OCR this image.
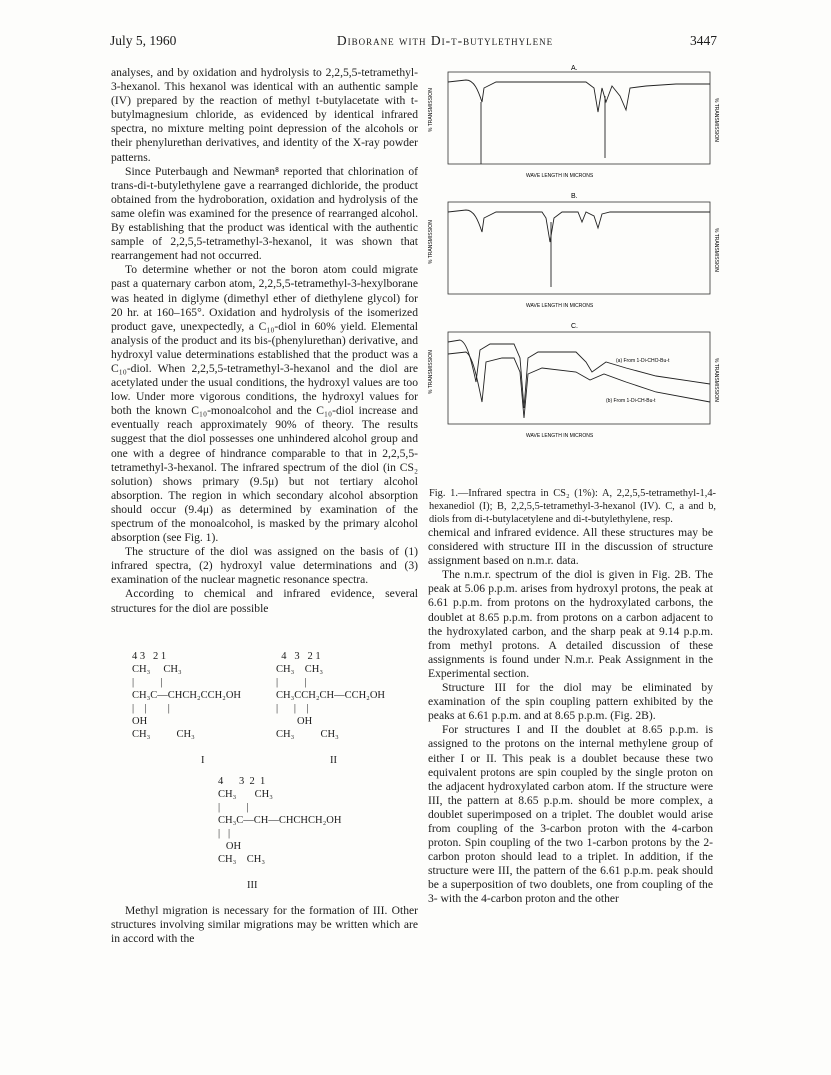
July 5, 1960	Diborane with Di-t-butylethylene	3447

analyses, and by oxidation and hydrolysis to 2,2,5,5-tetramethyl-3-hexanol. This hexanol was identical with an authentic sample (IV) prepared by the reaction of methyl t-butylacetate with t-butylmagnesium chloride, as evidenced by identical infrared spectra, no mixture melting point depression of the alcohols or their phenylurethan derivatives, and identity of the X-ray powder patterns.

Since Puterbaugh and Newman⁸ reported that chlorination of trans-di-t-butylethylene gave a rearranged dichloride, the product obtained from the hydroboration, oxidation and hydrolysis of the same olefin was examined for the presence of rearranged alcohol. By establishing that the product was identical with the authentic sample of 2,2,5,5-tetramethyl-3-hexanol, it was shown that rearrangement had not occurred.

To determine whether or not the boron atom could migrate past a quaternary carbon atom, 2,2,5,5-tetramethyl-3-hexylborane was heated in diglyme (dimethyl ether of diethylene glycol) for 20 hr. at 160–165°. Oxidation and hydrolysis of the isomerized product gave, unexpectedly, a C₁₀-diol in 60% yield. Elemental analysis of the product and its bis-(phenylurethan) derivative, and hydroxyl value determinations established that the product was a C₁₀-diol. When 2,2,5,5-tetramethyl-3-hexanol and the diol are acetylated under the usual conditions, the hydroxyl values are too low. Under more vigorous conditions, the hydroxyl values for both the known C₁₀-monoalcohol and the C₁₀-diol increase and eventually reach approximately 90% of theory. The results suggest that the diol possesses one unhindered alcohol group and one with a degree of hindrance comparable to that in 2,2,5,5-tetramethyl-3-hexanol. The infrared spectrum of the diol (in CS₂ solution) shows primary (9.5μ) but not tertiary alcohol absorption. The region in which secondary alcohol absorption should occur (9.4μ) as determined by examination of the spectrum of the monoalcohol, is masked by the primary alcohol absorption (see Fig. 1).

The structure of the diol was assigned on the basis of (1) infrared spectra, (2) hydroxyl value determinations and (3) examination of the nuclear magnetic resonance spectra.

According to chemical and infrared evidence, several structures for the diol are possible

4 3   2 1
CH₃     CH₃
|          |
CH₃C—CHCH₂CCH₂OH
|    |        |
OH
CH₃          CH₃
I
4   3   2 1
CH₃    CH₃
|          |
CH₃CCH₂CH—CCH₂OH
|      |    |
OH
CH₃          CH₃
II
4      3  2  1
CH₃       CH₃
|          |
CH₃C—CH—CHCHCH₂OH
|   |
OH
CH₃    CH₃
III

Methyl migration is necessary for the formation of III. Other structures involving similar migrations may be written which are in accord with the

A.
% TRANSMISSION	% TRANSMISSION
WAVE LENGTH IN MICRONS
B.
% TRANSMISSION	% TRANSMISSION
WAVE LENGTH IN MICRONS
C.
(a) From 1-Di-CHO-Bu-t
(b) From 1-Di-CH-Bu-t
% TRANSMISSION	% TRANSMISSION
WAVE LENGTH IN MICRONS
Fig. 1.—Infrared spectra in CS₂ (1%): A, 2,2,5,5-tetramethyl-1,4-hexanediol (I); B, 2,2,5,5-tetramethyl-3-hexanol (IV). C, a and b, diols from di-t-butylacetylene and di-t-butylethylene, resp.

chemical and infrared evidence. All these structures may be considered with structure III in the discussion of structure assignment based on n.m.r. data.

The n.m.r. spectrum of the diol is given in Fig. 2B. The peak at 5.06 p.p.m. arises from hydroxyl protons, the peak at 6.61 p.p.m. from protons on the hydroxylated carbons, the doublet at 8.65 p.p.m. from protons on a carbon adjacent to the hydroxylated carbon, and the sharp peak at 9.14 p.p.m. from methyl protons. A detailed discussion of these assignments is found under N.m.r. Peak Assignment in the Experimental section.

Structure III for the diol may be eliminated by examination of the spin coupling pattern exhibited by the peaks at 6.61 p.p.m. and at 8.65 p.p.m. (Fig. 2B).

For structures I and II the doublet at 8.65 p.p.m. is assigned to the protons on the internal methylene group of either I or II. This peak is a doublet because these two equivalent protons are spin coupled by the single proton on the adjacent hydroxylated carbon atom. If the structure were III, the pattern at 8.65 p.p.m. should be more complex, a doublet superimposed on a triplet. The doublet would arise from coupling of the 3-carbon proton with the 4-carbon proton. Spin coupling of the two 1-carbon protons by the 2-carbon proton should lead to a triplet. In addition, if the structure were III, the pattern of the 6.61 p.p.m. peak should be a superposition of two doublets, one from coupling of the 3- with the 4-carbon proton and the other
